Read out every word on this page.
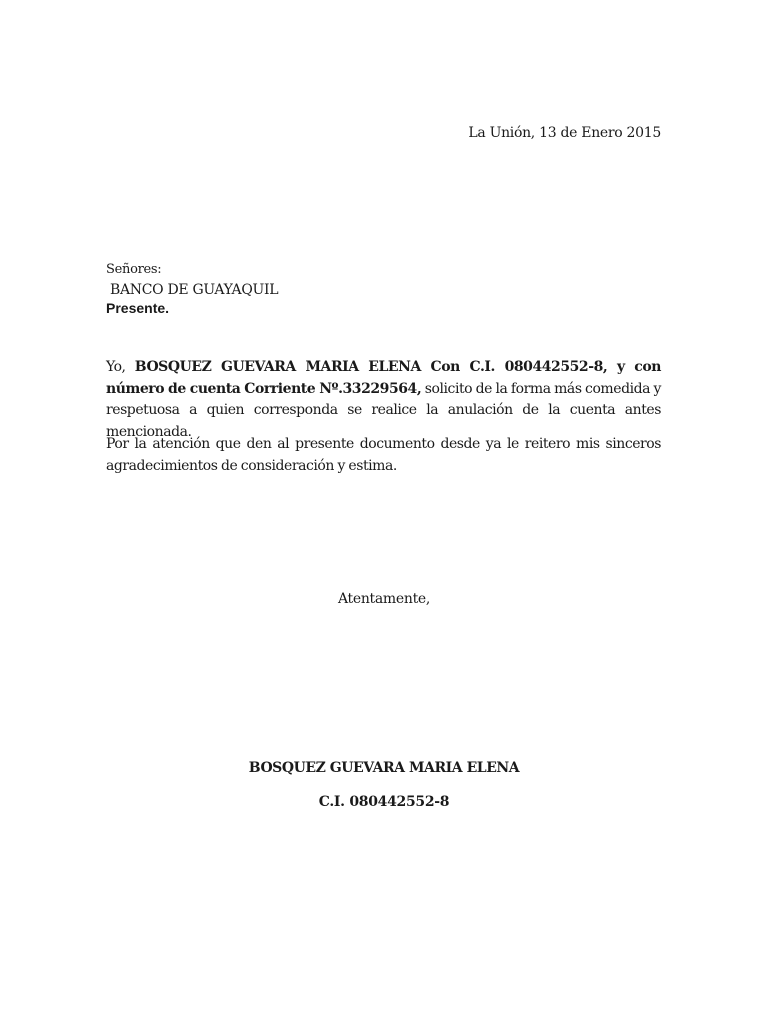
La Unión, 13 de Enero 2015
Señores:
BANCO DE GUAYAQUIL
Presente.

Yo, BOSQUEZ GUEVARA MARIA ELENA Con C.I. 080442552-8, y con número de cuenta Corriente Nº.33229564, solicito de la forma más comedida y respetuosa a quien corresponda se realice la anulación de la cuenta antes mencionada.

Por la atención que den al presente documento desde ya le reitero mis sinceros agradecimientos de consideración y estima.

Atentamente,
BOSQUEZ GUEVARA MARIA ELENA
C.I. 080442552-8
